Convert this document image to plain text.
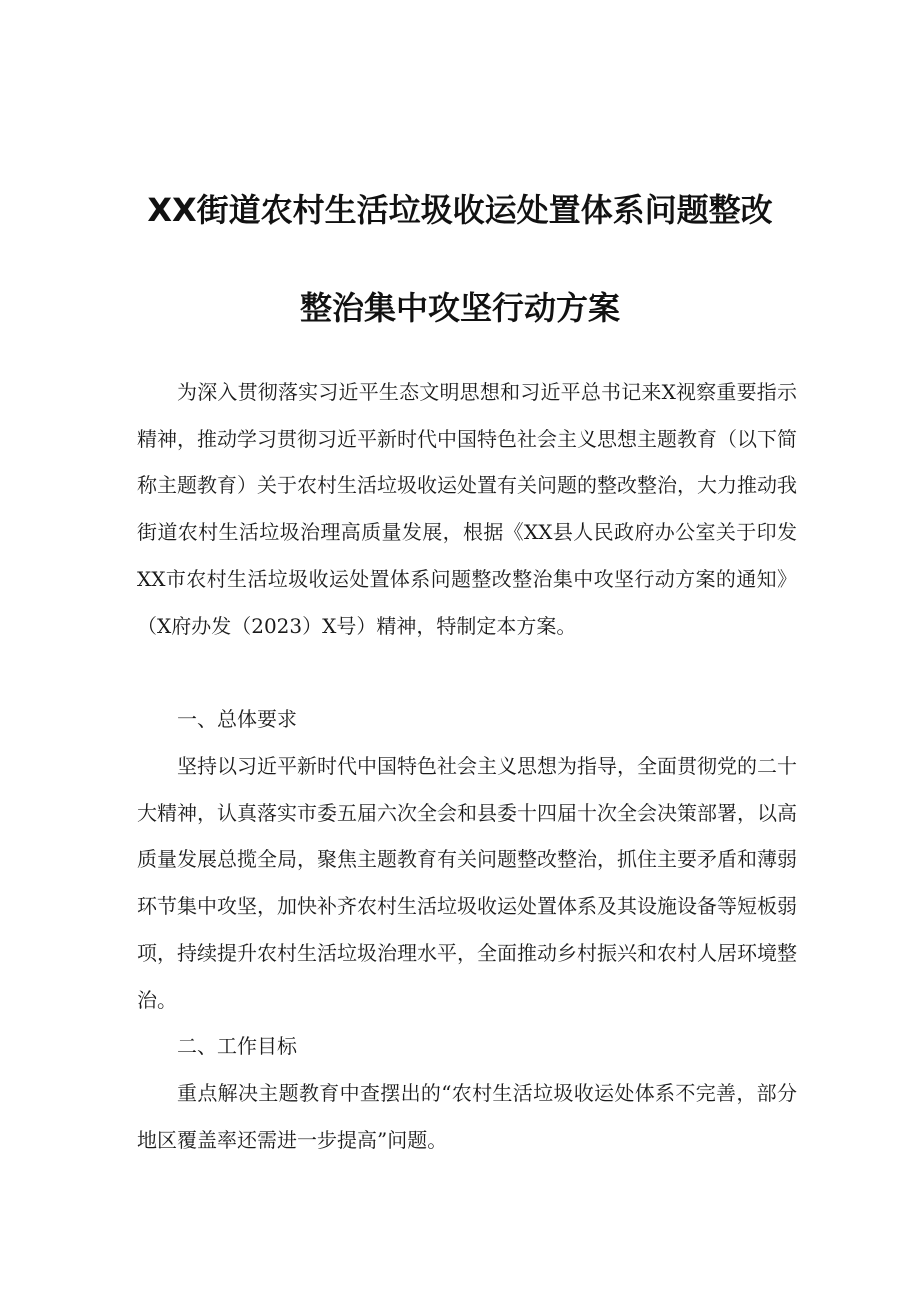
XX街道农村生活垃圾收运处置体系问题整改
整治集中攻坚行动方案

为深入贯彻落实习近平生态文明思想和习近平总书记来X视察重要指示精神，推动学习贯彻习近平新时代中国特色社会主义思想主题教育（以下简称主题教育）关于农村生活垃圾收运处置有关问题的整改整治，大力推动我街道农村生活垃圾治理高质量发展，根据《XX县人民政府办公室关于印发XX市农村生活垃圾收运处置体系问题整改整治集中攻坚行动方案的通知》（X府办发（2023）X号）精神，特制定本方案。

一、总体要求

坚持以习近平新时代中国特色社会主义思想为指导，全面贯彻党的二十大精神，认真落实市委五届六次全会和县委十四届十次全会决策部署，以高质量发展总揽全局，聚焦主题教育有关问题整改整治，抓住主要矛盾和薄弱环节集中攻坚，加快补齐农村生活垃圾收运处置体系及其设施设备等短板弱项，持续提升农村生活垃圾治理水平，全面推动乡村振兴和农村人居环境整治。

二、工作目标

重点解决主题教育中查摆出的“农村生活垃圾收运处体系不完善，部分地区覆盖率还需进一步提高”问题。
